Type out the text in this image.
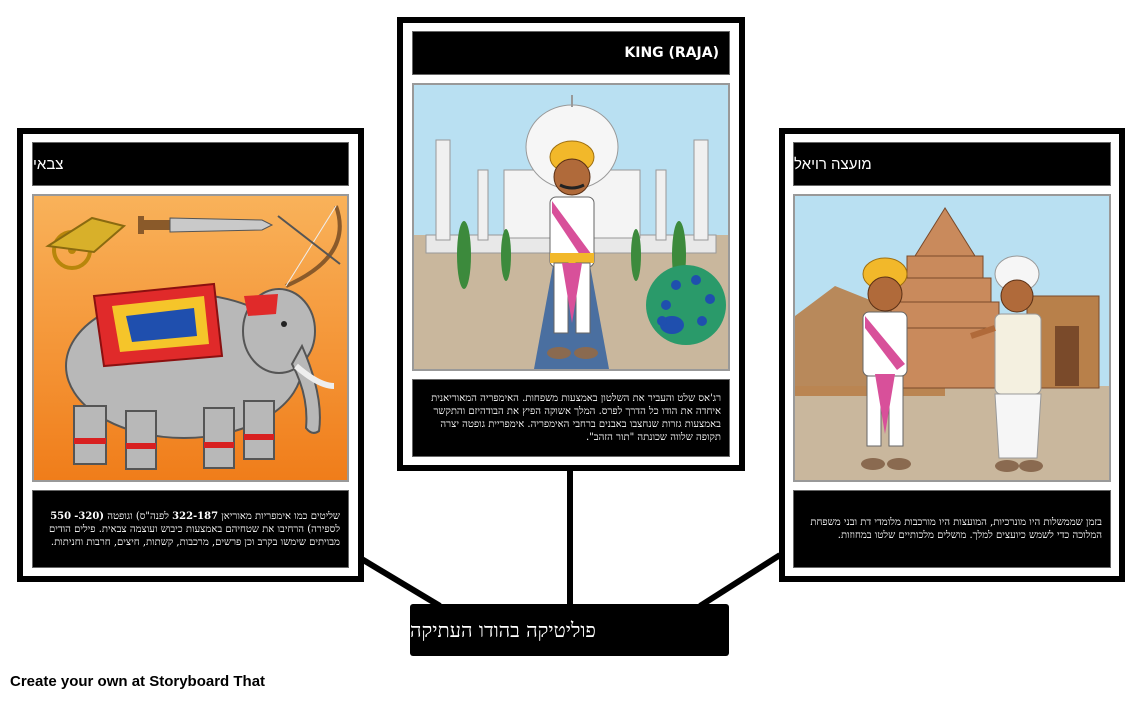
צבאי
שליטים כמו אימפריות מאוריאן 322-187 לפנה"ס) וגופטה (320- 550 לספירה) הרחיבו את שטחיהם באמצעות כיבוש ועוצמה צבאית. פילים הודים מבויתים שימשו בקרב וכן פרשים, מרכבות, קשתות, חיצים, חרבות וחניתות.
KING (RAJA)
רג'אס שלט והעביר את השלטון באמצעות משפחות. האימפריה המאוריאנית איחדה את הודו כל הדרך לפרס. המלך אשוקה הפיץ את הבודהיזם והתקשר באמצעות גזרות שנחצבו באבנים ברחבי האימפריה. אימפריית גופטה יצרה תקופה שלווה שכונתה "תור הזהב".
מועצה רויאל
בזמן שממשלות היו מונרכיות, המועצות היו מורכבות מלומדי דת ובני משפחת המלוכה כדי לשמש כיועצים למלך. מושלים מלכותיים שלטו במחוזות.
פוליטיקה בהודו העתיקה
Create your own at Storyboard That
